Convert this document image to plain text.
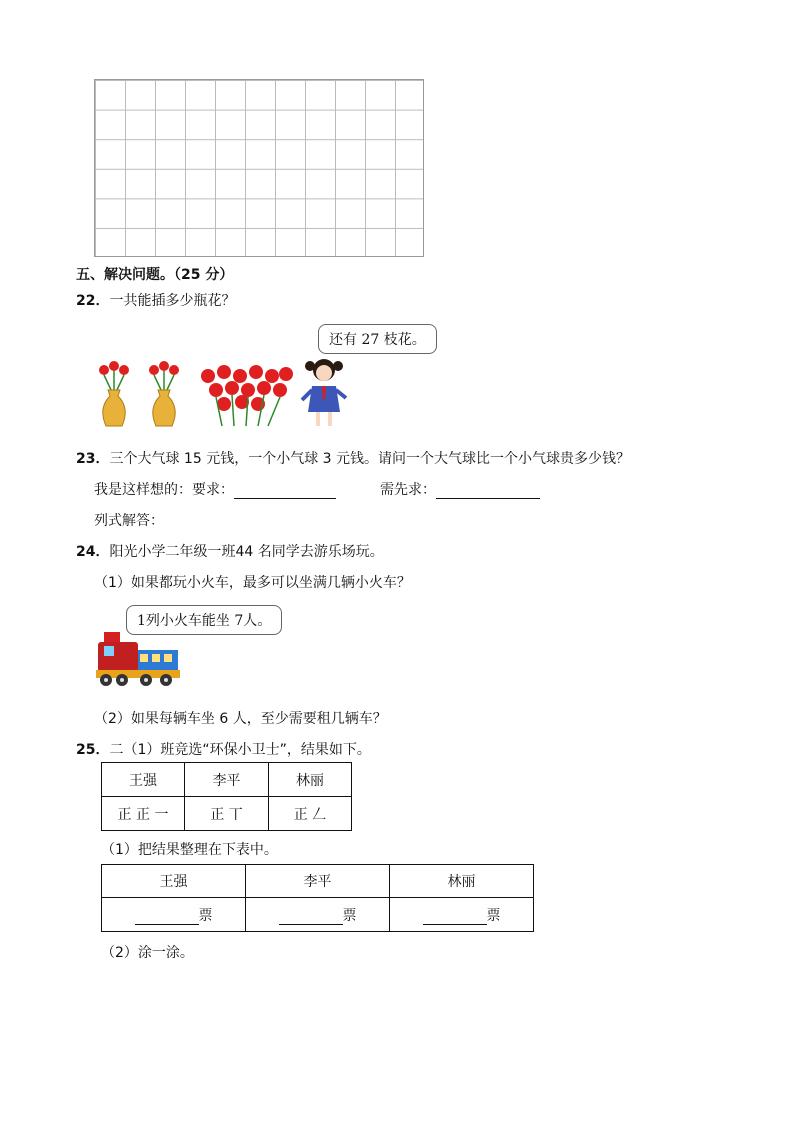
五、解决问题。（25 分）
22．一共能插多少瓶花？
还有 27 枝花。
23．三个大气球 15 元钱，一个小气球 3 元钱。请问一个大气球比一个小气球贵多少钱？
我是这样想的：要求：	需先求：
列式解答：
24．阳光小学二年级一班44 名同学去游乐场玩。
（1）如果都玩小火车，最多可以坐满几辆小火车？
1列小火车能坐 7人。
（2）如果每辆车坐 6 人，至少需要租几辆车？
25．二（1）班竞选“环保小卫士”，结果如下。
王强	李平	林丽
正 正 一	正 丅	正 𠃋
（1）把结果整理在下表中。
王强	李平	林丽
票	票	票
（2）涂一涂。
